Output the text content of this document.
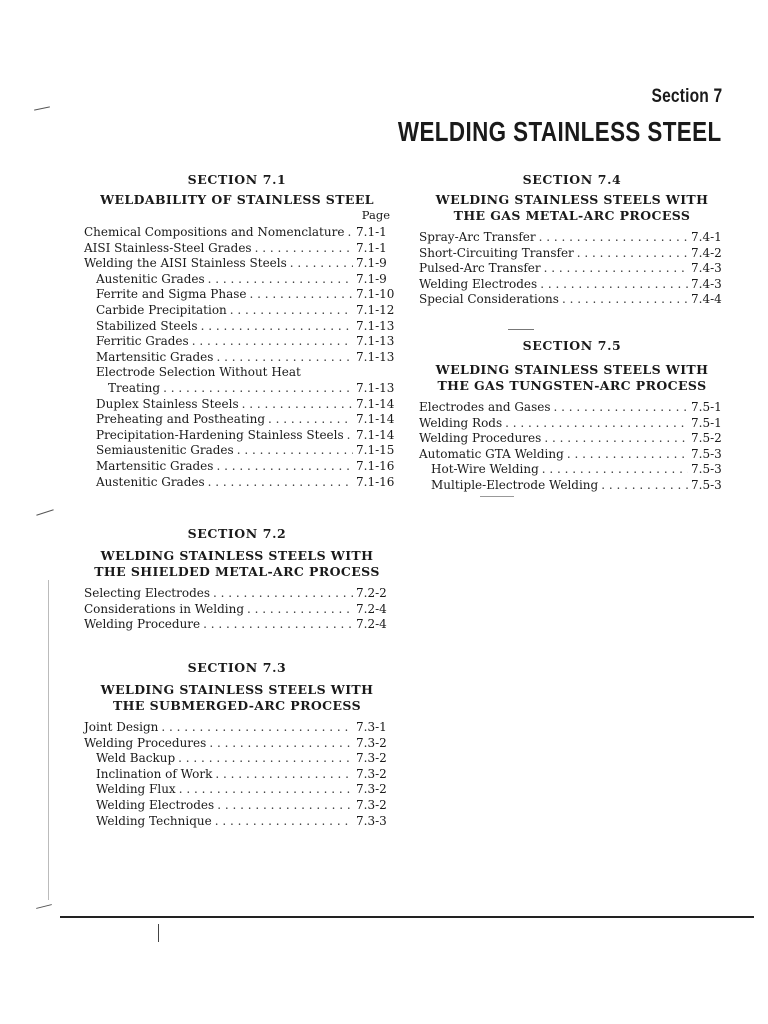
Section 7
WELDING STAINLESS STEEL
SECTION 7.1
WELDABILITY OF STAINLESS STEEL
Page
Chemical Compositions and Nomenclature . . . 7.1-1
AISI Stainless-Steel Grades . . .	7.1-1
Welding the AISI Stainless Steels . . .	7.1-9
Austenitic Grades . . .	7.1-9
Ferrite and Sigma Phase . . .	7.1-10
Carbide Precipitation . . .	7.1-12
Stabilized Steels . . .	7.1-13
Ferritic Grades . . .	7.1-13
Martensitic Grades . . .	7.1-13
Electrode Selection Without Heat
Treating . . .	7.1-13
Duplex Stainless Steels . . .	7.1-14
Preheating and Postheating . . .	7.1-14
Precipitation-Hardening Stainless Steels . . . 7.1-14
Semiaustenitic Grades . . .	7.1-15
Martensitic Grades . . .	7.1-16
Austenitic Grades . . .	7.1-16
SECTION 7.2
WELDING STAINLESS STEELS WITH
THE SHIELDED METAL-ARC PROCESS
Selecting Electrodes . . .	7.2-2
Considerations in Welding . . .	7.2-4
Welding Procedure . . .	7.2-4
SECTION 7.3
WELDING STAINLESS STEELS WITH
THE SUBMERGED-ARC PROCESS
Joint Design . . .	7.3-1
Welding Procedures . . .	7.3-2
Weld Backup . . .	7.3-2
Inclination of Work . . .	7.3-2
Welding Flux . . .	7.3-2
Welding Electrodes . . .	7.3-2
Welding Technique . . .	7.3-3
SECTION 7.4
WELDING STAINLESS STEELS WITH
THE GAS METAL-ARC PROCESS
Spray-Arc Transfer . . .	7.4-1
Short-Circuiting Transfer . . .	7.4-2
Pulsed-Arc Transfer . . .	7.4-3
Welding Electrodes . . .	7.4-3
Special Considerations . . .	7.4-4
SECTION 7.5
WELDING STAINLESS STEELS WITH
THE GAS TUNGSTEN-ARC PROCESS
Electrodes and Gases . . .	7.5-1
Welding Rods . . .	7.5-1
Welding Procedures . . .	7.5-2
Automatic GTA Welding . . .	7.5-3
Hot-Wire Welding . . .	7.5-3
Multiple-Electrode Welding . . .	7.5-3
